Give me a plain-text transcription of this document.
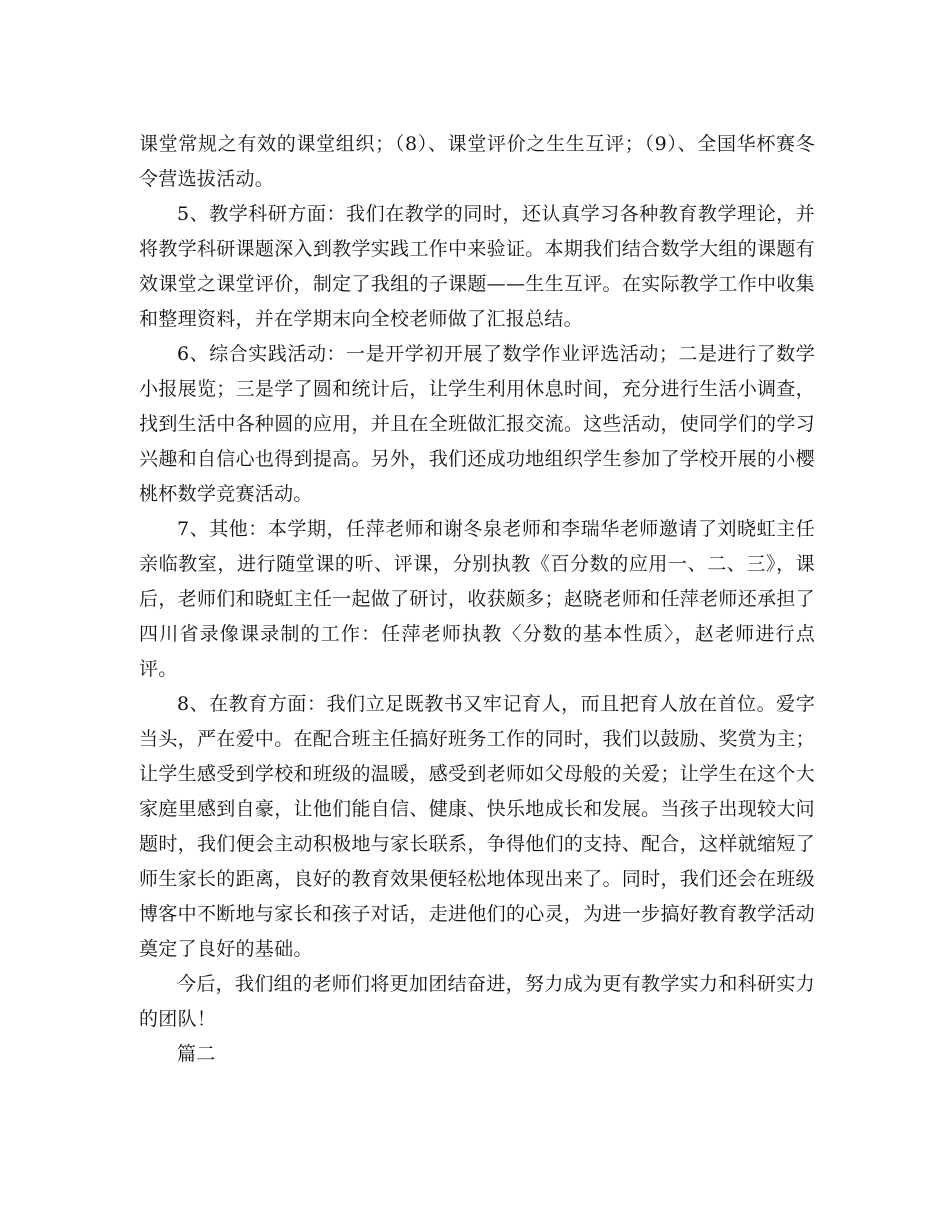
课堂常规之有效的课堂组织；（8）、课堂评价之生生互评；（9）、全国华杯赛冬令营选拔活动。

5、教学科研方面：我们在教学的同时，还认真学习各种教育教学理论，并将教学科研课题深入到教学实践工作中来验证。本期我们结合数学大组的课题有效课堂之课堂评价，制定了我组的子课题——生生互评。在实际教学工作中收集和整理资料，并在学期末向全校老师做了汇报总结。

6、综合实践活动：一是开学初开展了数学作业评选活动；二是进行了数学小报展览；三是学了圆和统计后，让学生利用休息时间，充分进行生活小调查，找到生活中各种圆的应用，并且在全班做汇报交流。这些活动，使同学们的学习兴趣和自信心也得到提高。另外，我们还成功地组织学生参加了学校开展的小樱桃杯数学竞赛活动。

7、其他：本学期，任萍老师和谢冬泉老师和李瑞华老师邀请了刘晓虹主任亲临教室，进行随堂课的听、评课，分别执教《百分数的应用一、二、三》，课后，老师们和晓虹主任一起做了研讨，收获颇多；赵晓老师和任萍老师还承担了四川省录像课录制的工作：任萍老师执教〈分数的基本性质〉，赵老师进行点评。

8、在教育方面：我们立足既教书又牢记育人，而且把育人放在首位。爱字当头，严在爱中。在配合班主任搞好班务工作的同时，我们以鼓励、奖赏为主；让学生感受到学校和班级的温暖，感受到老师如父母般的关爱；让学生在这个大家庭里感到自豪，让他们能自信、健康、快乐地成长和发展。当孩子出现较大问题时，我们便会主动积极地与家长联系，争得他们的支持、配合，这样就缩短了师生家长的距离，良好的教育效果便轻松地体现出来了。同时，我们还会在班级博客中不断地与家长和孩子对话，走进他们的心灵，为进一步搞好教育教学活动奠定了良好的基础。

今后，我们组的老师们将更加团结奋进，努力成为更有教学实力和科研实力的团队！

篇二
